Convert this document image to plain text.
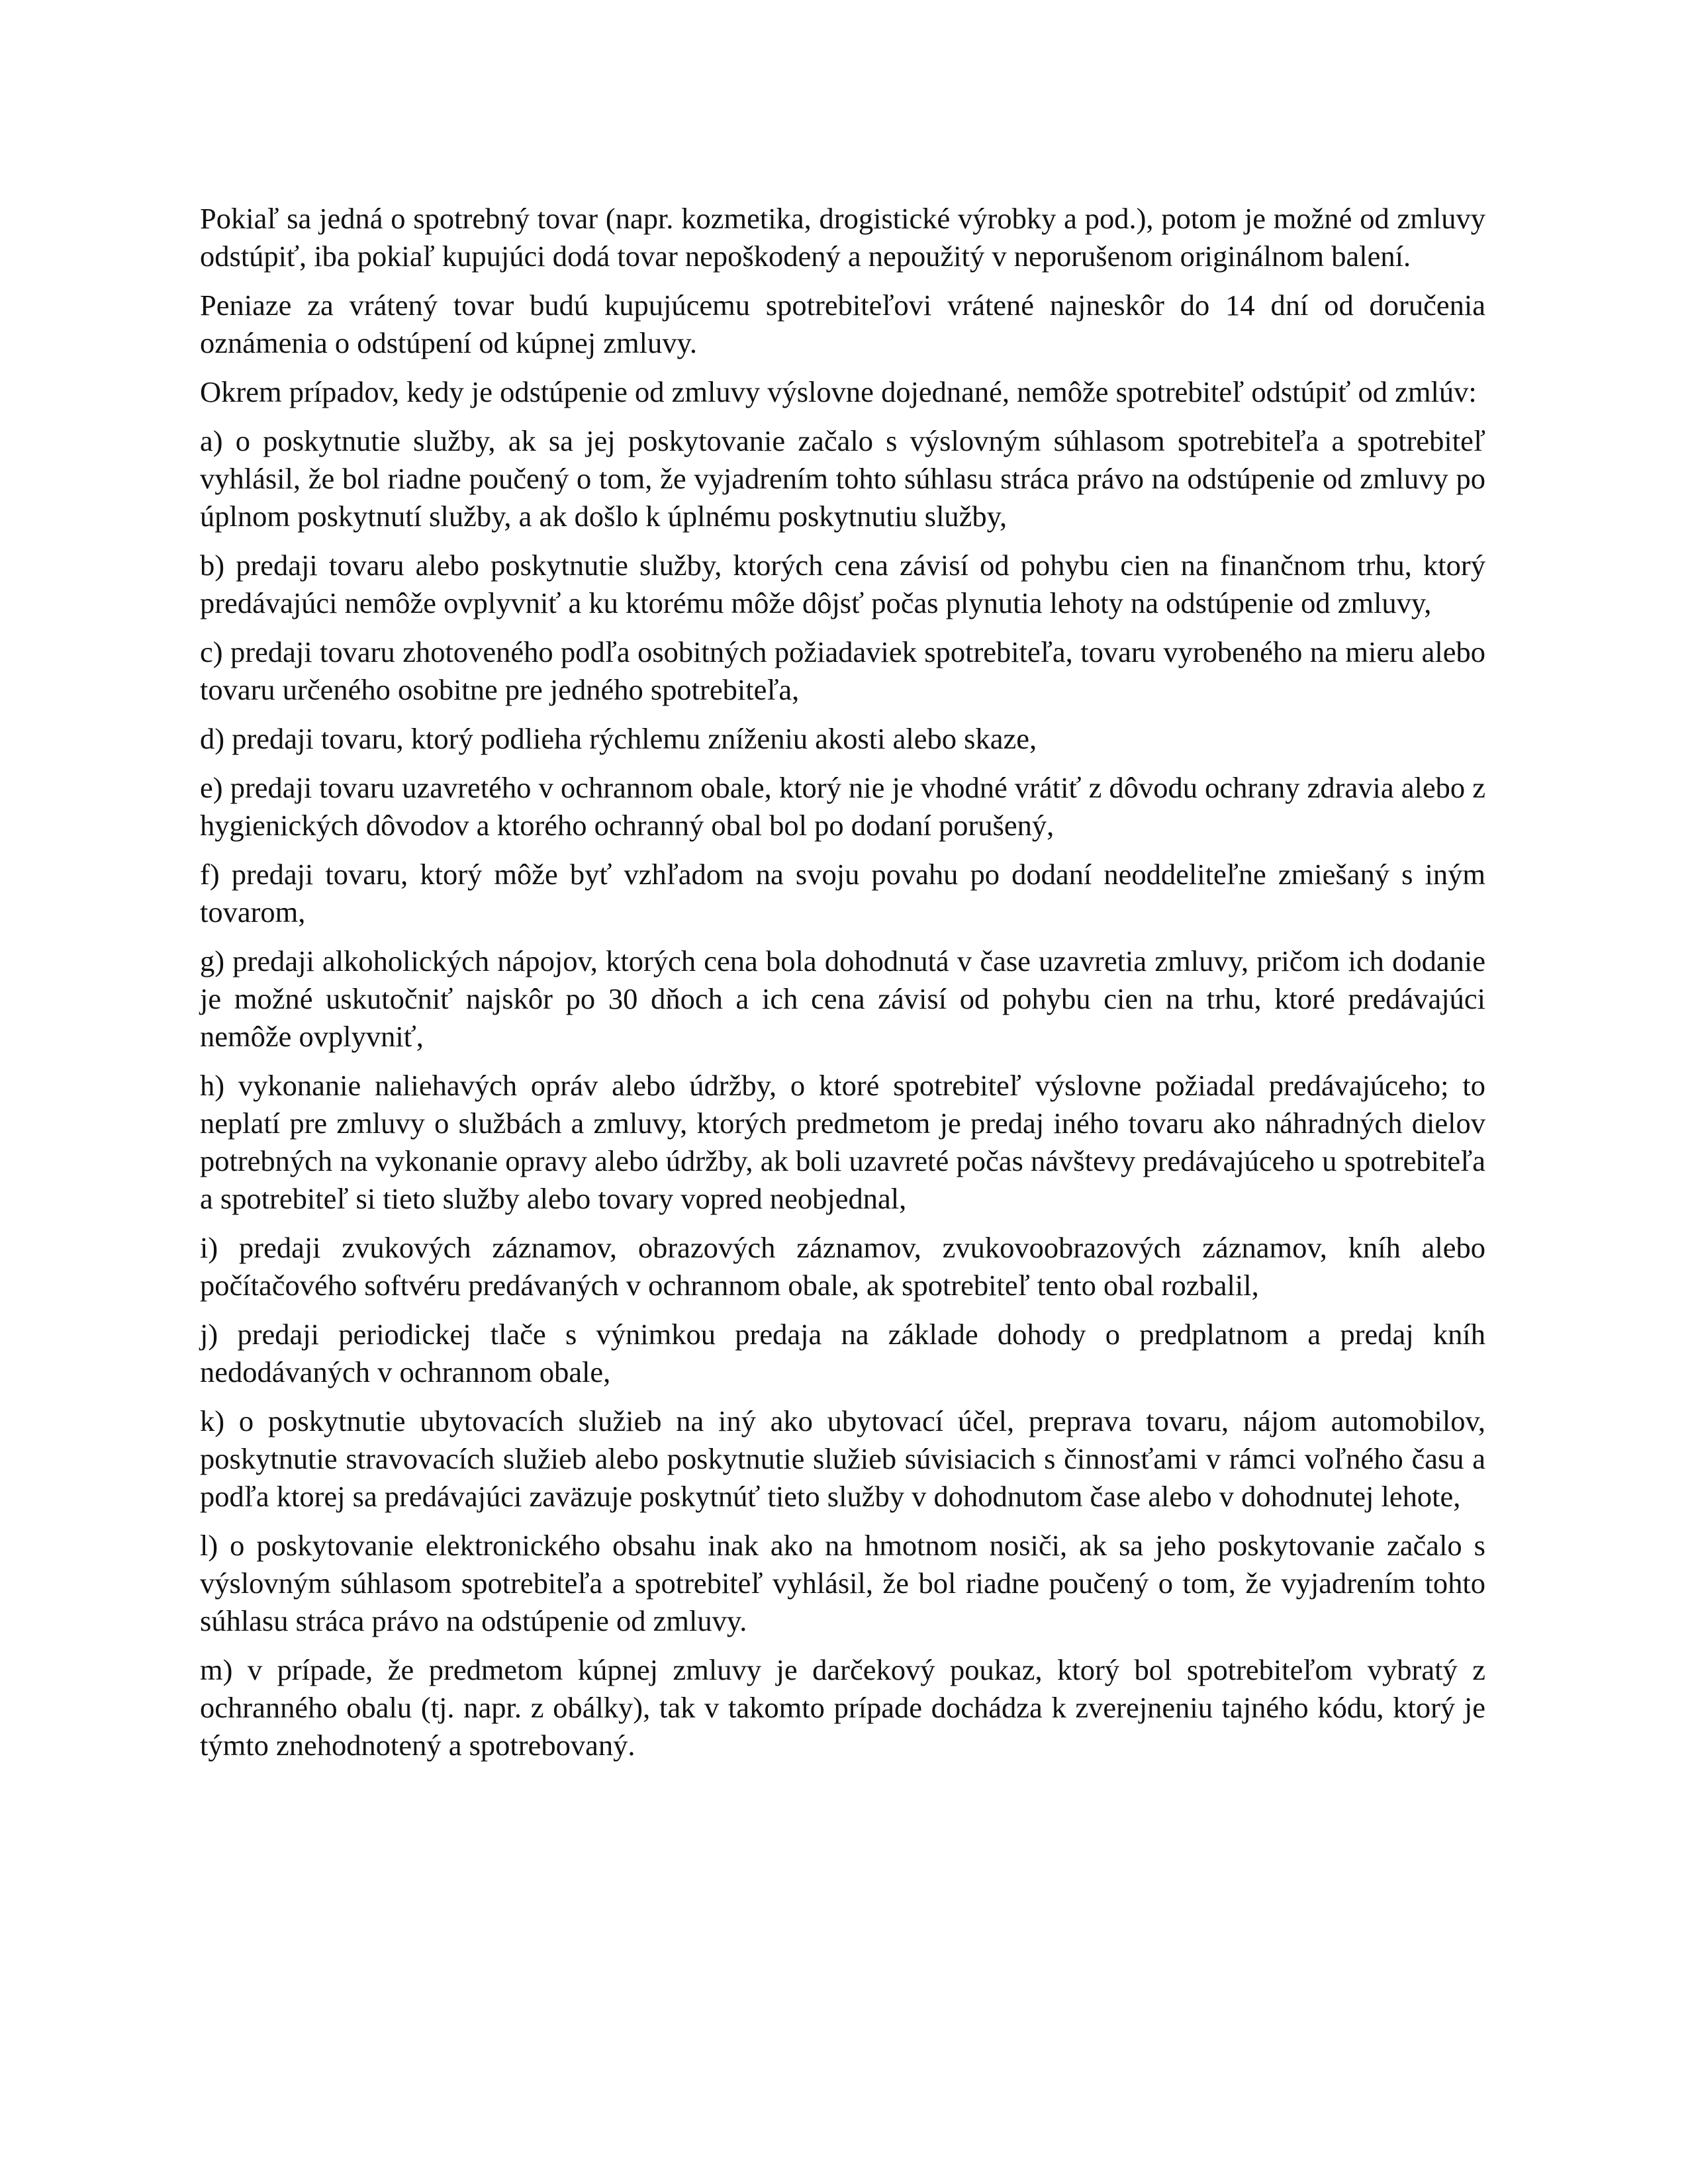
Pokiaľ sa jedná o spotrebný tovar (napr. kozmetika, drogistické výrobky a pod.), potom je možné od zmluvy odstúpiť, iba pokiaľ kupujúci dodá tovar nepoškodený a nepoužitý v neporušenom originálnom balení.

Peniaze za vrátený tovar budú kupujúcemu spotrebiteľovi vrátené najneskôr do 14 dní od doručenia oznámenia o odstúpení od kúpnej zmluvy.

Okrem prípadov, kedy je odstúpenie od zmluvy výslovne dojednané, nemôže spotrebiteľ odstúpiť od zmlúv:

a) o poskytnutie služby, ak sa jej poskytovanie začalo s výslovným súhlasom spotrebiteľa a spotrebiteľ vyhlásil, že bol riadne poučený o tom, že vyjadrením tohto súhlasu stráca právo na odstúpenie od zmluvy po úplnom poskytnutí služby, a ak došlo k úplnému poskytnutiu služby,

b) predaji tovaru alebo poskytnutie služby, ktorých cena závisí od pohybu cien na finančnom trhu, ktorý predávajúci nemôže ovplyvniť a ku ktorému môže dôjsť počas plynutia lehoty na odstúpenie od zmluvy,

c) predaji tovaru zhotoveného podľa osobitných požiadaviek spotrebiteľa, tovaru vyrobeného na mieru alebo tovaru určeného osobitne pre jedného spotrebiteľa,

d) predaji tovaru, ktorý podlieha rýchlemu zníženiu akosti alebo skaze,

e) predaji tovaru uzavretého v ochrannom obale, ktorý nie je vhodné vrátiť z dôvodu ochrany zdravia alebo z hygienických dôvodov a ktorého ochranný obal bol po dodaní porušený,

f) predaji tovaru, ktorý môže byť vzhľadom na svoju povahu po dodaní neoddeliteľne zmiešaný s iným tovarom,

g) predaji alkoholických nápojov, ktorých cena bola dohodnutá v čase uzavretia zmluvy, pričom ich dodanie je možné uskutočniť najskôr po 30 dňoch a ich cena závisí od pohybu cien na trhu, ktoré predávajúci nemôže ovplyvniť,

h) vykonanie naliehavých opráv alebo údržby, o ktoré spotrebiteľ výslovne požiadal predávajúceho; to neplatí pre zmluvy o službách a zmluvy, ktorých predmetom je predaj iného tovaru ako náhradných dielov potrebných na vykonanie opravy alebo údržby, ak boli uzavreté počas návštevy predávajúceho u spotrebiteľa a spotrebiteľ si tieto služby alebo tovary vopred neobjednal,

i) predaji zvukových záznamov, obrazových záznamov, zvukovoobrazových záznamov, kníh alebo počítačového softvéru predávaných v ochrannom obale, ak spotrebiteľ tento obal rozbalil,

j) predaji periodickej tlače s výnimkou predaja na základe dohody o predplatnom a predaj kníh nedodávaných v ochrannom obale,

k) o poskytnutie ubytovacích služieb na iný ako ubytovací účel, preprava tovaru, nájom automobilov, poskytnutie stravovacích služieb alebo poskytnutie služieb súvisiacich s činnosťami v rámci voľného času a podľa ktorej sa predávajúci zaväzuje poskytnúť tieto služby v dohodnutom čase alebo v dohodnutej lehote,

l) o poskytovanie elektronického obsahu inak ako na hmotnom nosiči, ak sa jeho poskytovanie začalo s výslovným súhlasom spotrebiteľa a spotrebiteľ vyhlásil, že bol riadne poučený o tom, že vyjadrením tohto súhlasu stráca právo na odstúpenie od zmluvy.

m) v prípade, že predmetom kúpnej zmluvy je darčekový poukaz, ktorý bol spotrebiteľom vybratý z ochranného obalu (tj. napr. z obálky), tak v takomto prípade dochádza k zverejneniu tajného kódu, ktorý je týmto znehodnotený a spotrebovaný.
